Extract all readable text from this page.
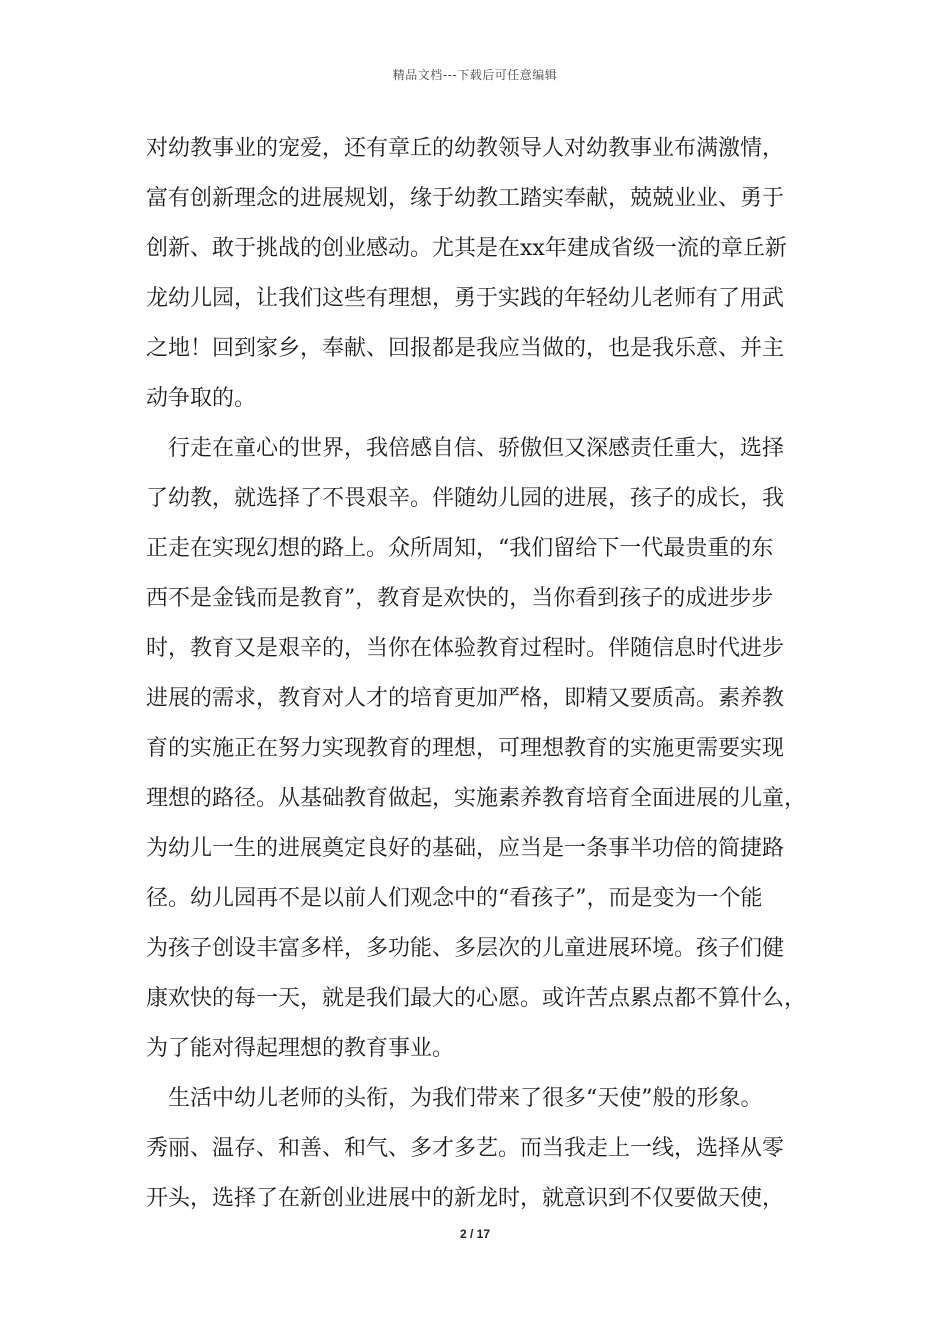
精品文档---下载后可任意编辑

对幼教事业的宠爱，还有章丘的幼教领导人对幼教事业布满激情，
富有创新理念的进展规划，缘于幼教工踏实奉献，兢兢业业、勇于
创新、敢于挑战的创业感动。尤其是在xx年建成省级一流的章丘新
龙幼儿园，让我们这些有理想，勇于实践的年轻幼儿老师有了用武
之地！回到家乡，奉献、回报都是我应当做的，也是我乐意、并主
动争取的。

行走在童心的世界，我倍感自信、骄傲但又深感责任重大，选择
了幼教，就选择了不畏艰辛。伴随幼儿园的进展，孩子的成长，我
正走在实现幻想的路上。众所周知，“我们留给下一代最贵重的东
西不是金钱而是教育”，教育是欢快的，当你看到孩子的成进步步
时，教育又是艰辛的，当你在体验教育过程时。伴随信息时代进步
进展的需求，教育对人才的培育更加严格，即精又要质高。素养教
育的实施正在努力实现教育的理想，可理想教育的实施更需要实现
理想的路径。从基础教育做起，实施素养教育培育全面进展的儿童，
为幼儿一生的进展奠定良好的基础，应当是一条事半功倍的简捷路
径。幼儿园再不是以前人们观念中的“看孩子”，而是变为一个能
为孩子创设丰富多样，多功能、多层次的儿童进展环境。孩子们健
康欢快的每一天，就是我们最大的心愿。或许苦点累点都不算什么，
为了能对得起理想的教育事业。

生活中幼儿老师的头衔，为我们带来了很多“天使”般的形象。
秀丽、温存、和善、和气、多才多艺。而当我走上一线，选择从零
开头，选择了在新创业进展中的新龙时，就意识到不仅要做天使，

2 / 17
